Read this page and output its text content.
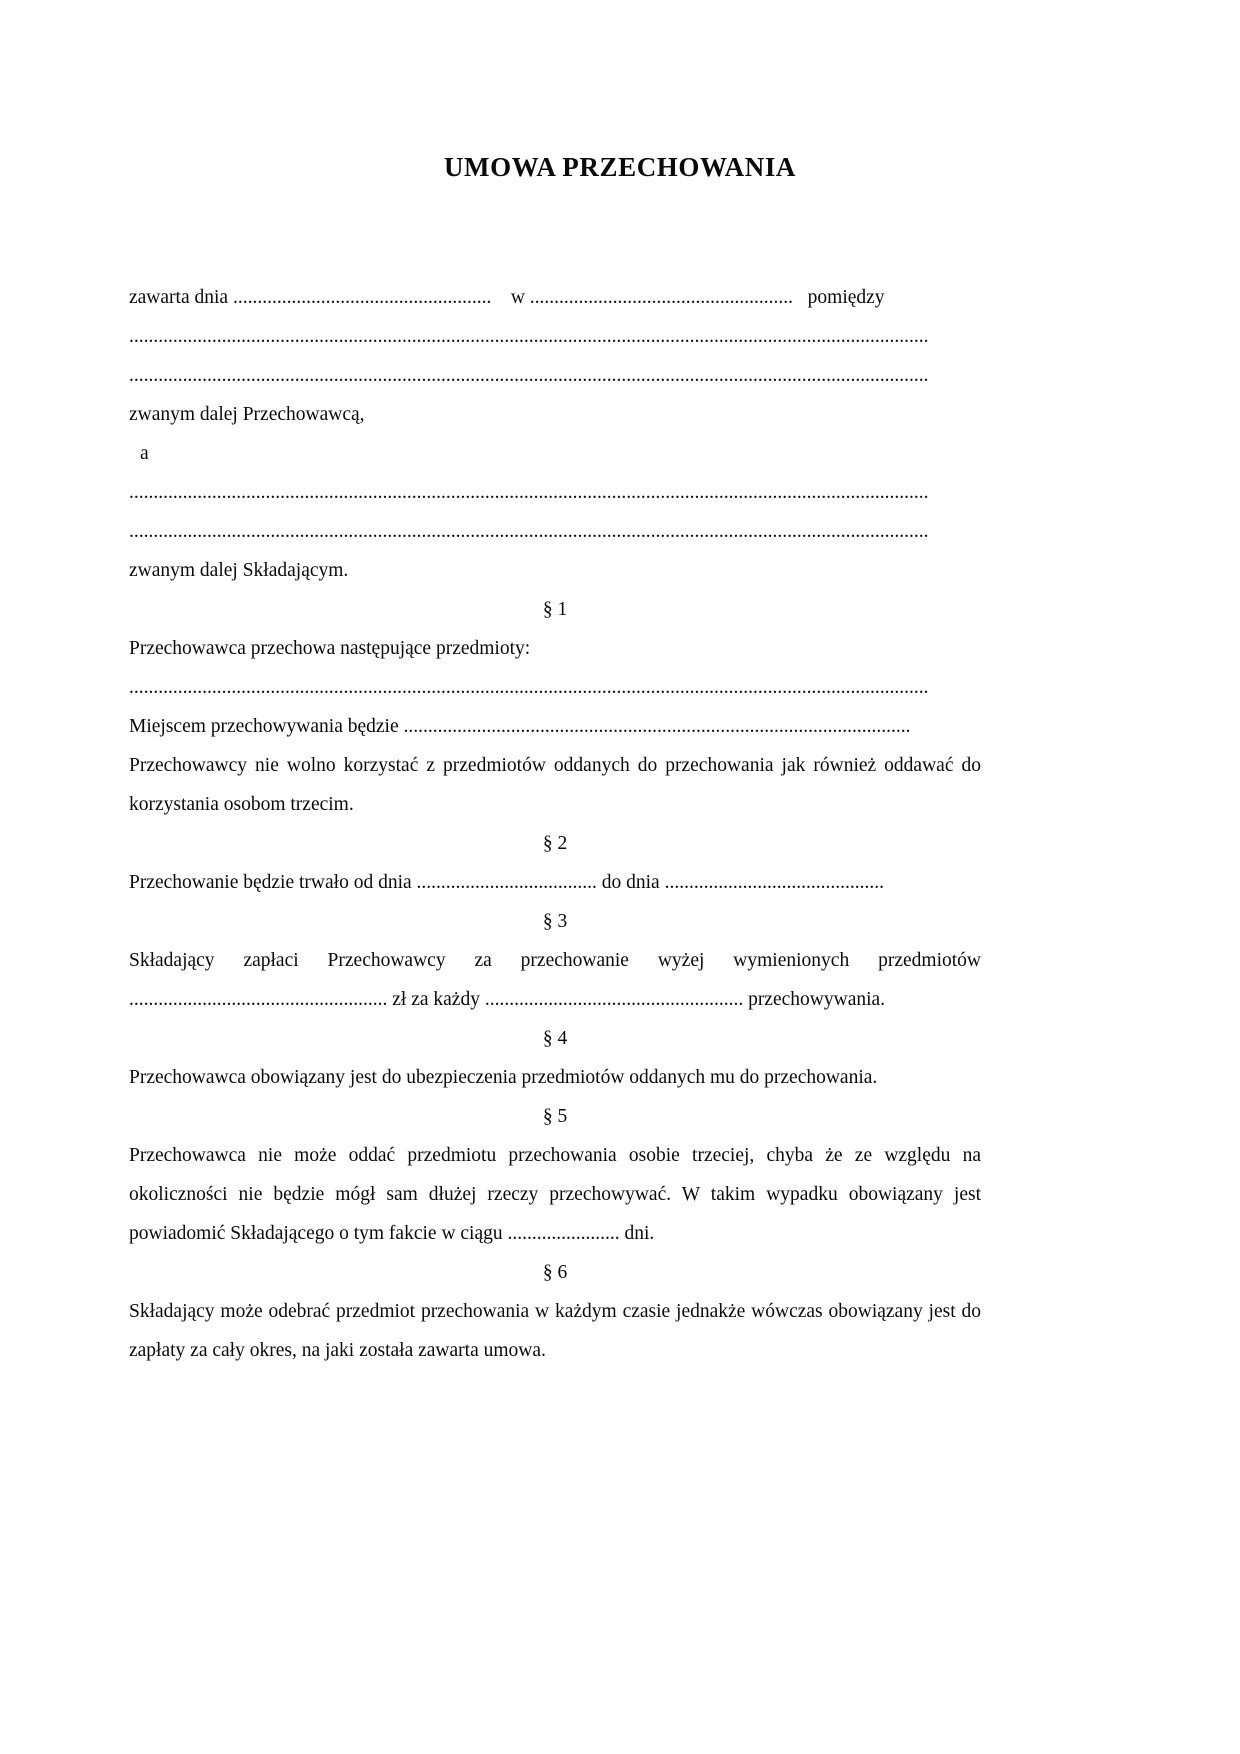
UMOWA PRZECHOWANIA

zawarta dnia ..................................................... w ...................................................... pomiędzy

....................................................................................................................................................................

....................................................................................................................................................................

zwanym dalej Przechowawcą,

a

....................................................................................................................................................................

....................................................................................................................................................................

zwanym dalej Składającym.

§ 1

Przechowawca przechowa następujące przedmioty:

....................................................................................................................................................................

Miejscem przechowywania będzie ........................................................................................................

Przechowawcy nie wolno korzystać z przedmiotów oddanych do przechowania jak również oddawać do korzystania osobom trzecim.

§ 2

Przechowanie będzie trwało od dnia ..................................... do dnia .............................................

§ 3

Składający zapłaci Przechowawcy za przechowanie wyżej wymienionych przedmiotów ..................................................... zł za każdy ..................................................... przechowywania.

§ 4

Przechowawca obowiązany jest do ubezpieczenia przedmiotów oddanych mu do przechowania.

§ 5

Przechowawca nie może oddać przedmiotu przechowania osobie trzeciej, chyba że ze względu na okoliczności nie będzie mógł sam dłużej rzeczy przechowywać. W takim wypadku obowiązany jest powiadomić Składającego o tym fakcie w ciągu ....................... dni.

§ 6

Składający może odebrać przedmiot przechowania w każdym czasie jednakże wówczas obowiązany jest do zapłaty za cały okres, na jaki została zawarta umowa.
